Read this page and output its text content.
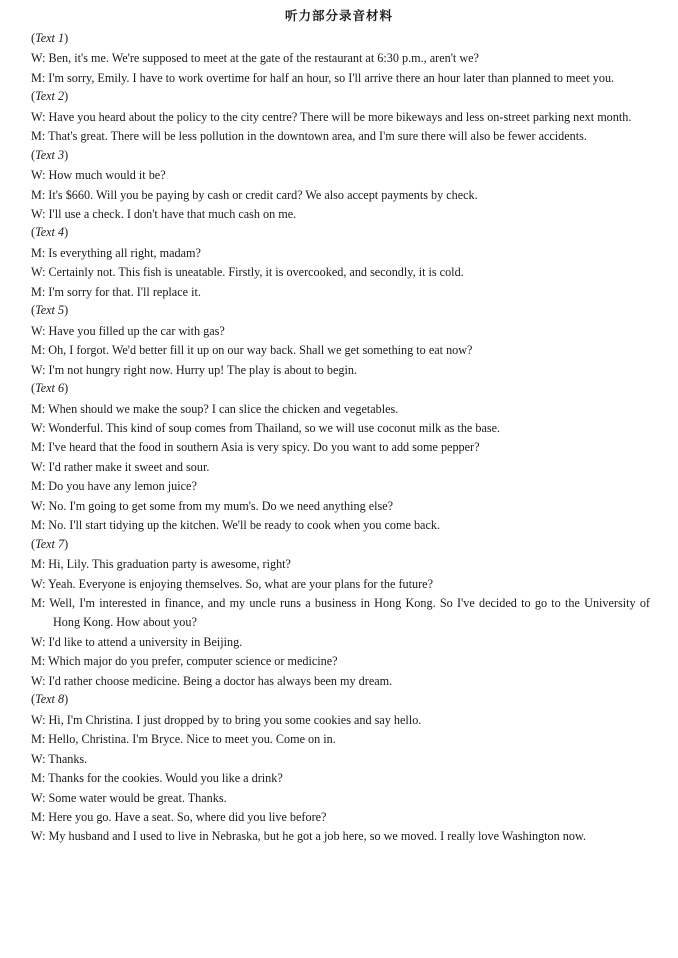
听力部分录音材料

(Text 1)

W: Ben, it's me. We're supposed to meet at the gate of the restaurant at 6:30 p.m., aren't we?

M: I'm sorry, Emily. I have to work overtime for half an hour, so I'll arrive there an hour later than planned to meet you.

(Text 2)

W: Have you heard about the policy to the city centre? There will be more bikeways and less on-street parking next month.

M: That's great. There will be less pollution in the downtown area, and I'm sure there will also be fewer accidents.

(Text 3)

W: How much would it be?

M: It's $660. Will you be paying by cash or credit card? We also accept payments by check.

W: I'll use a check. I don't have that much cash on me.

(Text 4)

M: Is everything all right, madam?

W: Certainly not. This fish is uneatable. Firstly, it is overcooked, and secondly, it is cold.

M: I'm sorry for that. I'll replace it.

(Text 5)

W: Have you filled up the car with gas?

M: Oh, I forgot. We'd better fill it up on our way back. Shall we get something to eat now?

W: I'm not hungry right now. Hurry up! The play is about to begin.

(Text 6)

M: When should we make the soup? I can slice the chicken and vegetables.

W: Wonderful. This kind of soup comes from Thailand, so we will use coconut milk as the base.

M: I've heard that the food in southern Asia is very spicy. Do you want to add some pepper?

W: I'd rather make it sweet and sour.

M: Do you have any lemon juice?

W: No. I'm going to get some from my mum's. Do we need anything else?

M: No. I'll start tidying up the kitchen. We'll be ready to cook when you come back.

(Text 7)

M: Hi, Lily. This graduation party is awesome, right?

W: Yeah. Everyone is enjoying themselves. So, what are your plans for the future?

M: Well, I'm interested in finance, and my uncle runs a business in Hong Kong. So I've decided to go to the University of Hong Kong. How about you?

W: I'd like to attend a university in Beijing.

M: Which major do you prefer, computer science or medicine?

W: I'd rather choose medicine. Being a doctor has always been my dream.

(Text 8)

W: Hi, I'm Christina. I just dropped by to bring you some cookies and say hello.

M: Hello, Christina. I'm Bryce. Nice to meet you. Come on in.

W: Thanks.

M: Thanks for the cookies. Would you like a drink?

W: Some water would be great. Thanks.

M: Here you go. Have a seat. So, where did you live before?

W: My husband and I used to live in Nebraska, but he got a job here, so we moved. I really love Washington now.
